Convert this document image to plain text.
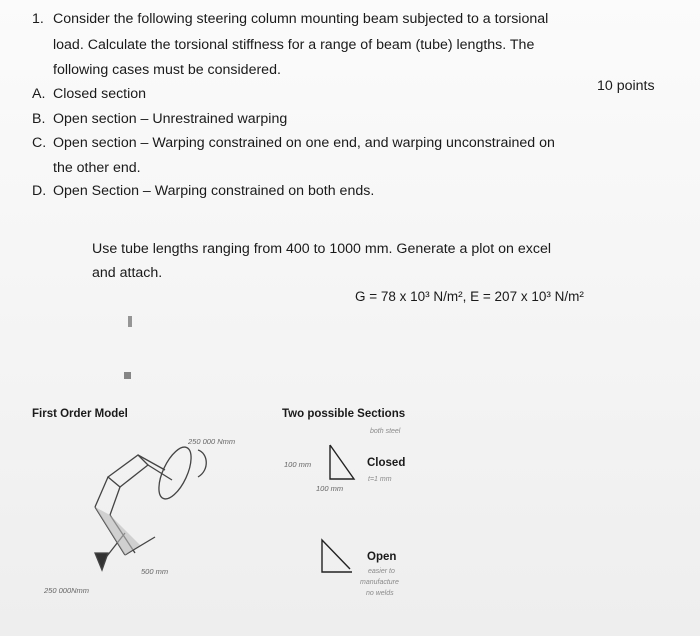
1. Consider the following steering column mounting beam subjected to a torsional
load. Calculate the torsional stiffness for a range of beam (tube) lengths. The
following cases must be considered.
10 points
A. Closed section
B. Open section – Unrestrained warping
C. Open section – Warping constrained on one end, and warping unconstrained on
the other end.
D. Open Section – Warping constrained on both ends.
Use tube lengths ranging from 400 to 1000 mm. Generate a plot on excel
and attach.
G = 78 x 10³ N/m², E = 207 x 10³ N/m²
First Order Model	Two possible Sections
250 000 Nmm
500 mm
250 000Nmm
Closed
100 mm
100 mm
both steel
t=1 mm
Open
easier to
manufacture
no welds
